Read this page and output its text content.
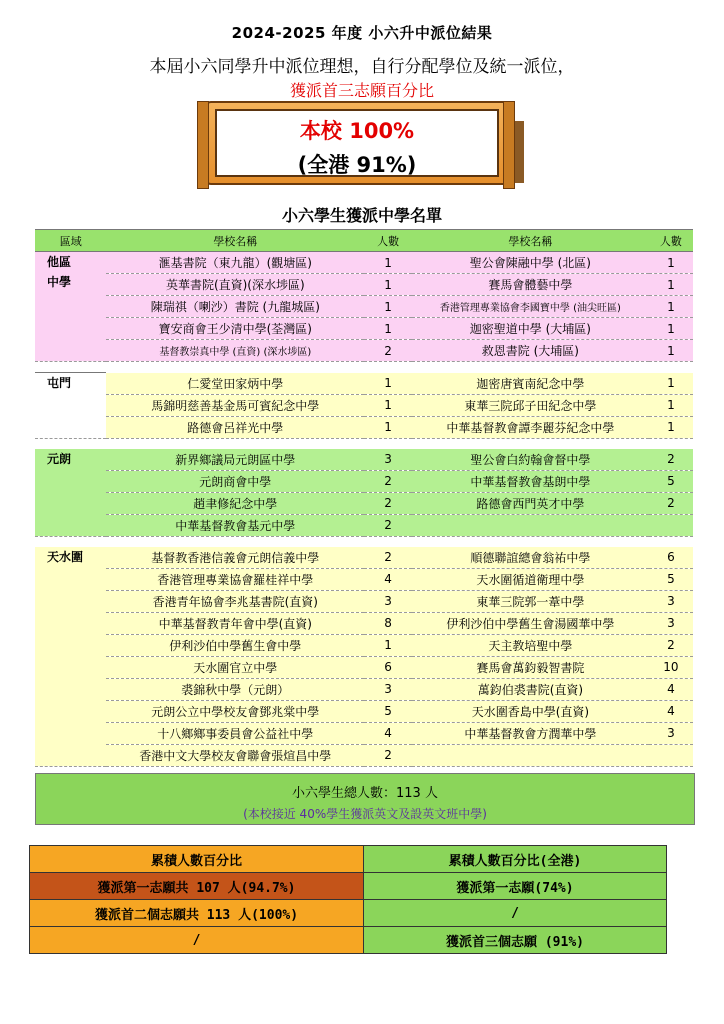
2024-2025 年度 小六升中派位結果
本屆小六同學升中派位理想，自行分配學位及統一派位，
獲派首三志願百分比
本校 100%
(全港 91%)
小六學生獲派中學名單
區域	學校名稱	人數	學校名稱	人數
他區
中學	滙基書院（東九龍）(觀塘區)	1	聖公會陳融中學 (北區)	1
	英華書院(直資)(深水埗區)	1	賽馬會體藝中學	1
	陳瑞祺（喇沙）書院 (九龍城區)	1	香港管理專業協會李國寶中學 (油尖旺區)	1
	寶安商會王少清中學(荃灣區)	1	迦密聖道中學 (大埔區)	1
	基督教崇真中學 (直資) (深水埗區)	2	救恩書院 (大埔區)	1

屯門	仁愛堂田家炳中學	1	迦密唐賓南紀念中學	1
	馬錦明慈善基金馬可賓紀念中學	1	東華三院邱子田紀念中學	1
	路德會呂祥光中學	1	中華基督教會譚李麗芬紀念中學	1

元朗	新界鄉議局元朗區中學	3	聖公會白約翰會督中學	2
	元朗商會中學	2	中華基督教會基朗中學	5
	趙聿修紀念中學	2	路德會西門英才中學	2
	中華基督教會基元中學	2		

天水圍	基督教香港信義會元朗信義中學	2	順德聯誼總會翁祐中學	6
	香港管理專業協會羅桂祥中學	4	天水圍循道衛理中學	5
	香港青年協會李兆基書院(直資)	3	東華三院郭一葦中學	3
	中華基督教青年會中學(直資)	8	伊利沙伯中學舊生會湯國華中學	3
	伊利沙伯中學舊生會中學	1	天主教培聖中學	2
	天水圍官立中學	6	賽馬會萬鈞毅智書院	10
	裘錦秋中學（元朗）	3	萬鈞伯裘書院(直資)	4
	元朗公立中學校友會鄧兆棠中學	5	天水圍香島中學(直資)	4
	十八鄉鄉事委員會公益社中學	4	中華基督教會方潤華中學	3
	香港中文大學校友會聯會張煊昌中學	2		
小六學生總人數：113 人
(本校接近 40%學生獲派英文及設英文班中學)
累積人數百分比	累積人數百分比(全港)
獲派第一志願共 107 人(94.7%)	獲派第一志願(74%)
獲派首二個志願共 113 人(100%)	/
/	獲派首三個志願 (91%)
